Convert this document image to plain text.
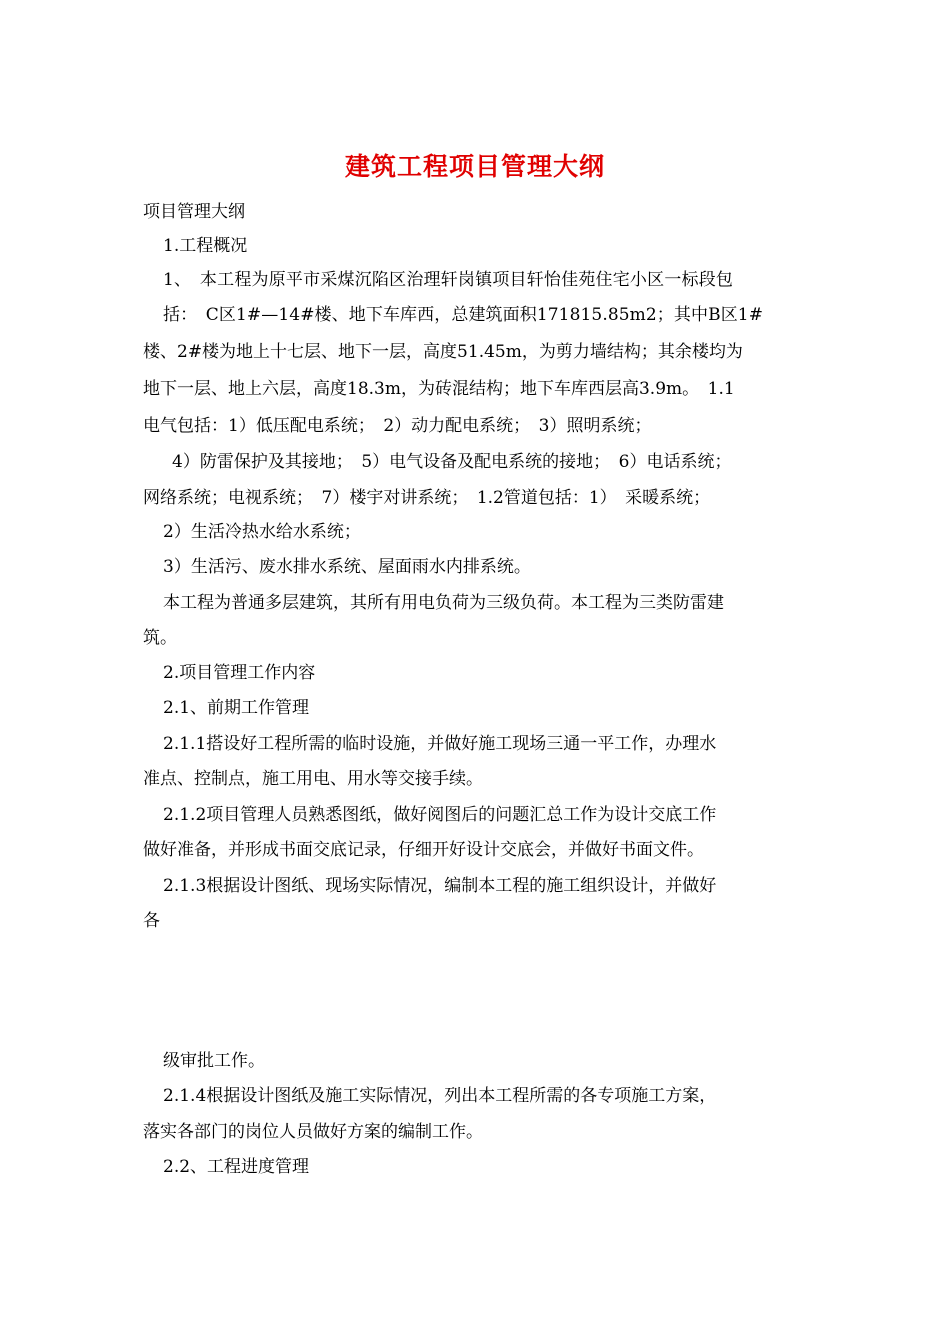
建筑工程项目管理大纲
项目管理大纲
1.工程概况
1、　本工程为原平市采煤沉陷区治理轩岗镇项目轩怡佳苑住宅小区一标段包
括：　C区1#—14#楼、地下车库西，总建筑面积171815.85m2；其中B区1#
楼、2#楼为地上十七层、地下一层，高度51.45m，为剪力墙结构；其余楼均为
地下一层、地上六层，高度18.3m，为砖混结构；地下车库西层高3.9m。　1.1
电气包括：1）低压配电系统；　2）动力配电系统；　3）照明系统；
4）防雷保护及其接地；　5）电气设备及配电系统的接地；　6）电话系统；
网络系统；电视系统；　7）楼宇对讲系统；　1.2管道包括：1）　采暖系统；
2）生活冷热水给水系统；
3）生活污、废水排水系统、屋面雨水内排系统。
本工程为普通多层建筑，其所有用电负荷为三级负荷。本工程为三类防雷建
筑。
2.项目管理工作内容
2.1、前期工作管理
2.1.1搭设好工程所需的临时设施，并做好施工现场三通一平工作，办理水
准点、控制点，施工用电、用水等交接手续。
2.1.2项目管理人员熟悉图纸，做好阅图后的问题汇总工作为设计交底工作
做好准备，并形成书面交底记录，仔细开好设计交底会，并做好书面文件。
2.1.3根据设计图纸、现场实际情况，编制本工程的施工组织设计，并做好
各
级审批工作。
2.1.4根据设计图纸及施工实际情况，列出本工程所需的各专项施工方案，
落实各部门的岗位人员做好方案的编制工作。
2.2、工程进度管理
